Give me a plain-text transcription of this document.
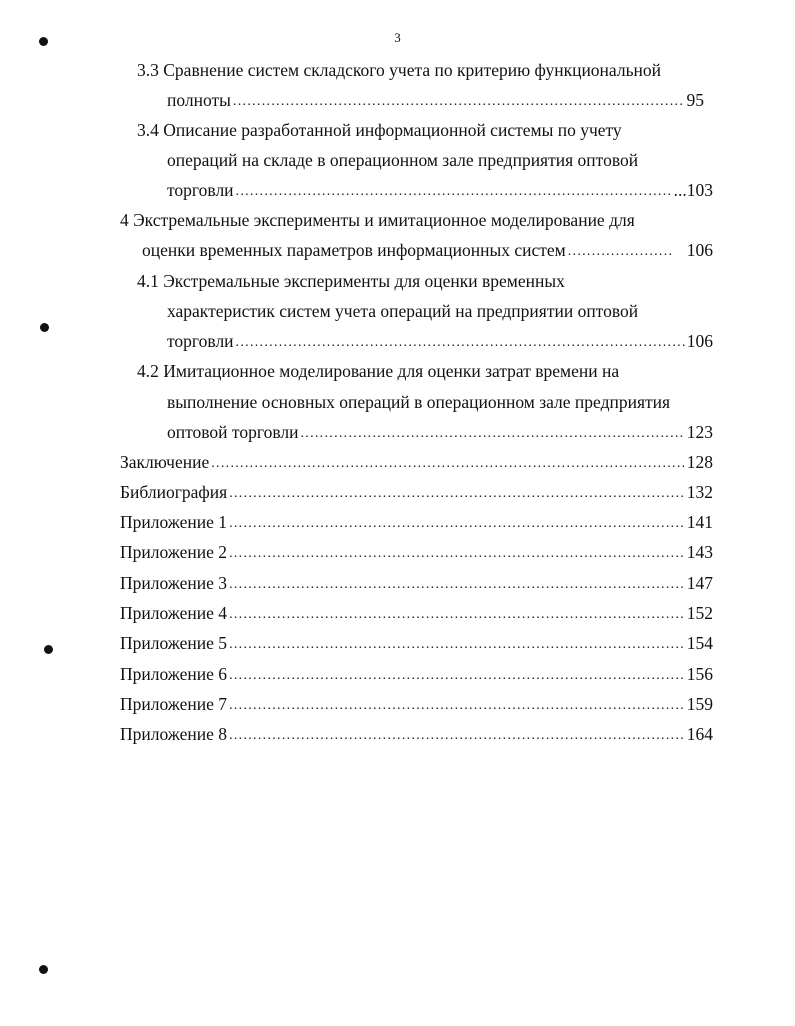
3
3.3 Сравнение систем складского учета по критерию функциональной
полноты .....	95
3.4 Описание разработанной информационной системы по учету
операций на складе в операционном зале предприятия оптовой
торговли .....	...103
4 Экстремальные эксперименты и имитационное моделирование для
оценки временных параметров информационных систем .....	106
4.1 Экстремальные эксперименты для оценки временных
характеристик систем учета операций на предприятии оптовой
торговли .....	106
4.2 Имитационное моделирование для оценки затрат времени на
выполнение основных операций в операционном зале предприятия
оптовой торговли .....	123
Заключение .....	128
Библиография .....	132
Приложение 1 .....	141
Приложение 2 .....	143
Приложение 3 .....	147
Приложение 4 .....	152
Приложение 5 .....	154
Приложение 6 .....	156
Приложение 7 .....	159
Приложение 8 .....	164
